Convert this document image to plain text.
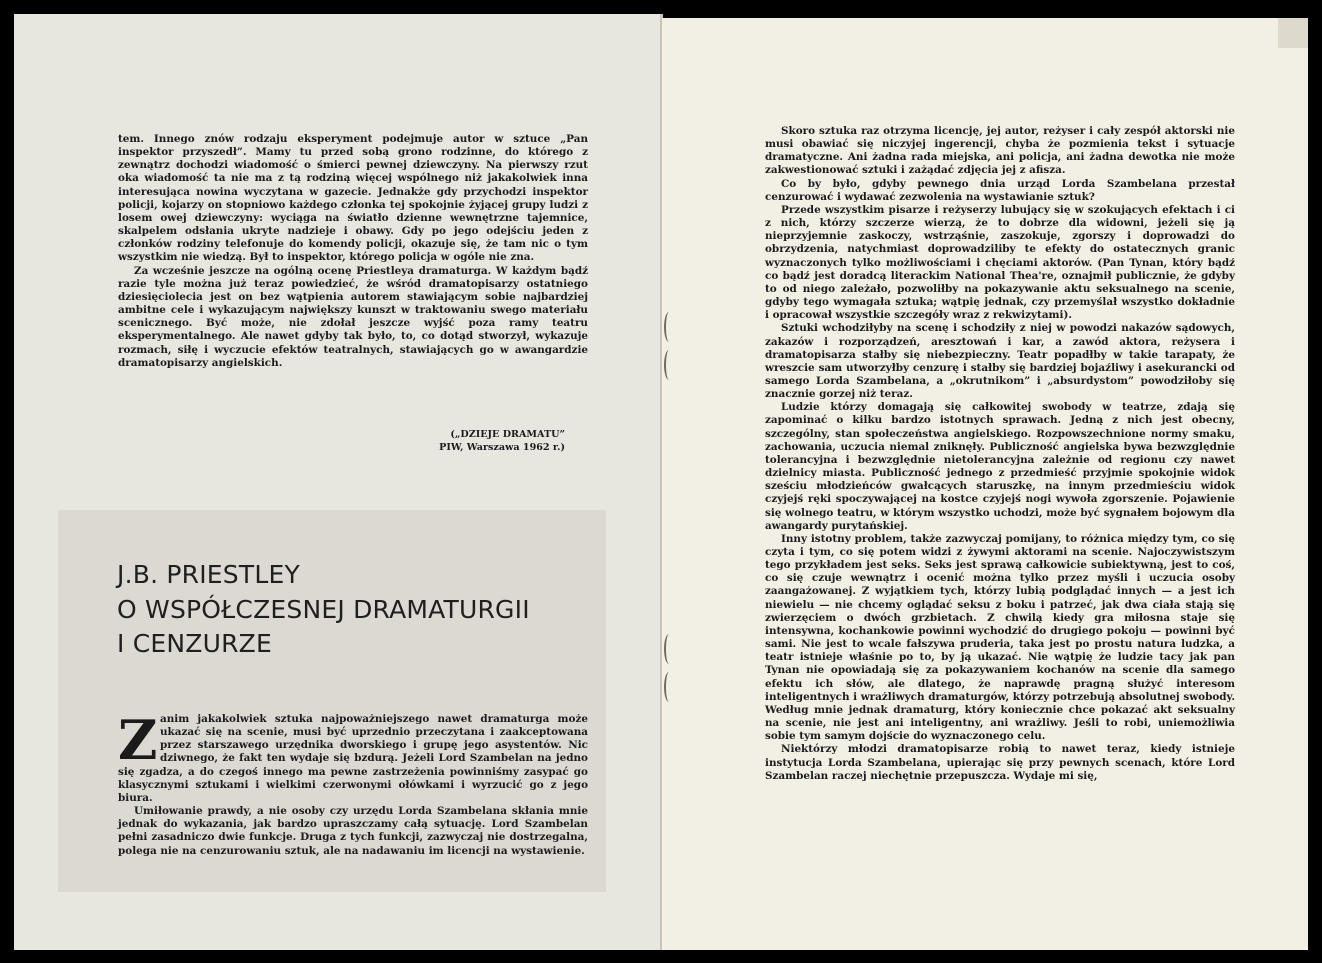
tem. Innego znów rodzaju eksperyment podejmuje autor w sztuce „Pan inspektor przyszedł”. Mamy tu przed sobą grono rodzinne, do którego z zewnątrz dochodzi wiadomość o śmierci pewnej dziewczyny. Na pierwszy rzut oka wiadomość ta nie ma z tą rodziną więcej wspólnego niż jakakolwiek inna interesująca nowina wyczytana w gazecie. Jednakże gdy przychodzi inspektor policji, kojarzy on stopniowo każdego członka tej spokojnie żyjącej grupy ludzi z losem owej dziewczyny: wyciąga na światło dzienne wewnętrzne tajemnice, skalpelem odsłania ukryte nadzieje i obawy. Gdy po jego odejściu jeden z członków rodziny telefonuje do komendy policji, okazuje się, że tam nic o tym wszystkim nie wiedzą. Był to inspektor, którego policja w ogóle nie zna.

Za wcześnie jeszcze na ogólną ocenę Priestleya dramaturga. W każdym bądź razie tyle można już teraz powiedzieć, że wśród dramatopisarzy ostatniego dziesięciolecia jest on bez wątpienia autorem stawiającym sobie najbardziej ambitne cele i wykazującym największy kunszt w traktowaniu swego materiału scenicznego. Być może, nie zdołał jeszcze wyjść poza ramy teatru eksperymentalnego. Ale nawet gdyby tak było, to, co dotąd stworzył, wykazuje rozmach, siłę i wyczucie efektów teatralnych, stawiających go w awangardzie dramatopisarzy angielskich.

(„DZIEJE DRAMATU”
PIW, Warszawa 1962 r.)
J.B. PRIESTLEY
O WSPÓŁCZESNEJ DRAMATURGII
I CENZURZE
Z anim jakakolwiek sztuka najpoważniejszego nawet dramaturga może ukazać się na scenie, musi być uprzednio przeczytana i zaakceptowana przez starszawego urzędnika dworskiego i grupę jego asystentów. Nic dziwnego, że fakt ten wydaje się bzdurą. Jeżeli Lord Szambelan na jedno się zgadza, a do czegoś innego ma pewne zastrzeżenia powinniśmy zasypać go klasycznymi sztukami i wielkimi czerwonymi ołówkami i wyrzucić go z jego biura.

Umiłowanie prawdy, a nie osoby czy urzędu Lorda Szambelana skłania mnie jednak do wykazania, jak bardzo upraszczamy całą sytuację. Lord Szambelan pełni zasadniczo dwie funkcje. Druga z tych funkcji, zazwyczaj nie dostrzegalna, polega nie na cenzurowaniu sztuk, ale na nadawaniu im licencji na wystawienie.

Skoro sztuka raz otrzyma licencję, jej autor, reżyser i cały zespół aktorski nie musi obawiać się niczyjej ingerencji, chyba że pozmienia tekst i sytuacje dramatyczne. Ani żadna rada miejska, ani policja, ani żadna dewotka nie może zakwestionować sztuki i zażądać zdjęcia jej z afisza.

Co by było, gdyby pewnego dnia urząd Lorda Szambelana przestał cenzurować i wydawać zezwolenia na wystawianie sztuk?

Przede wszystkim pisarze i reżyserzy lubujący się w szokujących efektach i ci z nich, którzy szczerze wierzą, że to dobrze dla widowni, jeżeli się ją nieprzyjemnie zaskoczy, wstrząśnie, zaszokuje, zgorszy i doprowadzi do obrzydzenia, natychmiast doprowadziliby te efekty do ostatecznych granic wyznaczonych tylko możliwościami i chęciami aktorów. (Pan Tynan, który bądź co bądź jest doradcą literackim National Thea're, oznajmił publicznie, że gdyby to od niego zależało, pozwoliłby na pokazywanie aktu seksualnego na scenie, gdyby tego wymagała sztuka; wątpię jednak, czy przemyślał wszystko dokładnie i opracował wszystkie szczegóły wraz z rekwizytami).

Sztuki wchodziłyby na scenę i schodziły z niej w powodzi nakazów sądowych, zakazów i rozporządzeń, aresztowań i kar, a zawód aktora, reżysera i dramatopisarza stałby się niebezpieczny. Teatr popadłby w takie tarapaty, że wreszcie sam utworzyłby cenzurę i stałby się bardziej bojaźliwy i asekurancki od samego Lorda Szambelana, a „okrutnikom” i „absurdystom” powodziłoby się znacznie gorzej niż teraz.

Ludzie którzy domagają się całkowitej swobody w teatrze, zdają się zapominać o kilku bardzo istotnych sprawach. Jedną z nich jest obecny, szczególny, stan społeczeństwa angielskiego. Rozpowszechnione normy smaku, zachowania, uczucia niemal zniknęły. Publiczność angielska bywa bezwzględnie tolerancyjna i bezwzględnie nietolerancyjna zależnie od regionu czy nawet dzielnicy miasta. Publiczność jednego z przedmieść przyjmie spokojnie widok sześciu młodzieńców gwałcących staruszkę, na innym przedmieściu widok czyjejś ręki spoczywającej na kostce czyjejś nogi wywoła zgorszenie. Pojawienie się wolnego teatru, w którym wszystko uchodzi, może być sygnałem bojowym dla awangardy purytańskiej.

Inny istotny problem, także zazwyczaj pomijany, to różnica między tym, co się czyta i tym, co się potem widzi z żywymi aktorami na scenie. Najoczywistszym tego przykładem jest seks. Seks jest sprawą całkowicie subiektywną, jest to coś, co się czuje wewnątrz i ocenić można tylko przez myśli i uczucia osoby zaangażowanej. Z wyjątkiem tych, którzy lubią podglądać innych — a jest ich niewielu — nie chcemy oglądać seksu z boku i patrzeć, jak dwa ciała stają się zwierzęciem o dwóch grzbietach. Z chwilą kiedy gra miłosna staje się intensywna, kochankowie powinni wychodzić do drugiego pokoju — powinni być sami. Nie jest to wcale fałszywa pruderia, taka jest po prostu natura ludzka, a teatr istnieje właśnie po to, by ją ukazać. Nie wątpię że ludzie tacy jak pan Tynan nie opowiadają się za pokazywaniem kochanów na scenie dla samego efektu ich słów, ale dlatego, że naprawdę pragną służyć interesom inteligentnych i wrażliwych dramaturgów, którzy potrzebują absolutnej swobody. Według mnie jednak dramaturg, który koniecznie chce pokazać akt seksualny na scenie, nie jest ani inteligentny, ani wrażliwy. Jeśli to robi, uniemożliwia sobie tym samym dojście do wyznaczonego celu.

Niektórzy młodzi dramatopisarze robią to nawet teraz, kiedy istnieje instytucja Lorda Szambelana, upierając się przy pewnych scenach, które Lord Szambelan raczej niechętnie przepuszcza. Wydaje mi się,
